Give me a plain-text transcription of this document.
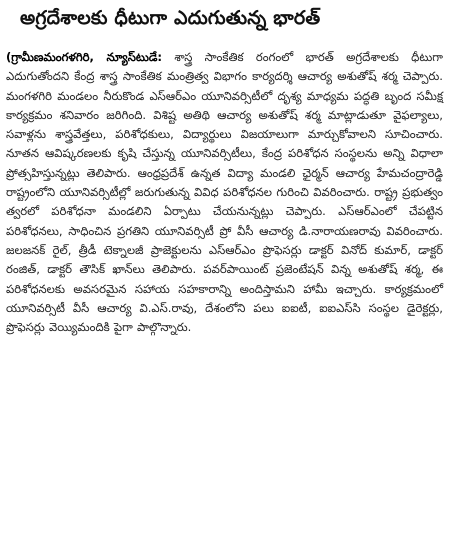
అగ్రదేశాలకు ధీటుగా ఎదుగుతున్న భారత్

(గ్రామీణమంగళగిరి, న్యూస్‌టుడే: శాస్త్ర సాంకేతిక రంగంలో భారత్ అగ్రదేశాలకు ధీటుగా ఎదుగుతోందని కేంద్ర శాస్త్ర సాంకేతిక మంత్రిత్వ విభాగం కార్యదర్శి ఆచార్య అశుతోష్ శర్మ చెప్పారు. మంగళగిరి మండలం నీరుకొండ ఎస్‌ఆర్‌ఎం యూనివర్సిటీలో దృశ్య మాధ్యమ పద్ధతి బృంద సమీక్ష కార్యక్రమం శనివారం జరిగింది. విశిష్ట అతిథి ఆచార్య అశుతోష్ శర్మ మాట్లాడుతూ వైఫల్యాలు, సవాళ్లను శాస్త్రవేత్తలు, పరిశోధకులు, విద్యార్థులు విజయాలుగా మార్చుకోవాలని సూచించారు. నూతన ఆవిష్కరణలకు కృషి చేస్తున్న యూనివర్సిటీలు, కేంద్ర పరిశోధన సంస్థలను అన్ని విధాలా ప్రోత్సహిస్తున్నట్లు తెలిపారు. ఆంధ్రప్రదేశ్ ఉన్నత విద్యా మండలి ఛైర్మన్ ఆచార్య హేమచంద్రారెడ్డి రాష్ట్రంలోని యూనివర్సిటీల్లో జరుగుతున్న వివిధ పరిశోధనల గురించి వివరించారు. రాష్ట్ర ప్రభుత్వం త్వరలో పరిశోధనా మండలిని ఏర్పాటు చేయనున్నట్లు చెప్పారు. ఎస్‌ఆర్‌ఎంలో చేపట్టిన పరిశోధనలు, సాధించిన ప్రగతిని యూనివర్సిటీ ప్రో వీసీ ఆచార్య డి.నారాయణరావు వివరించారు. జలజనక్ రైల్, త్రీడీ టెక్నాలజీ ప్రాజెక్టులను ఎస్‌ఆర్‌ఎం ప్రొఫెసర్లు డాక్టర్ వినోద్ కుమార్, డాక్టర్ రంజిత్, డాక్టర్ తౌసిక్ ఖాన్‌లు తెలిపారు. పవర్‌పాయింట్ ప్రజెంటేషన్ విన్న అశుతోష్ శర్మ, ఈ పరిశోధనలకు అవసరమైన సహాయ సహకారాన్ని అందిస్తామని హామీ ఇచ్చారు. కార్యక్రమంలో యూనివర్సిటీ వీసీ ఆచార్య వి.ఎస్.రావు, దేశంలోని పలు ఐఐటీ, ఐఐఎస్‌సి సంస్థల డైరెక్టర్లు, ప్రొఫెసర్లు వెయ్యిమందికి పైగా పాల్గొన్నారు.
